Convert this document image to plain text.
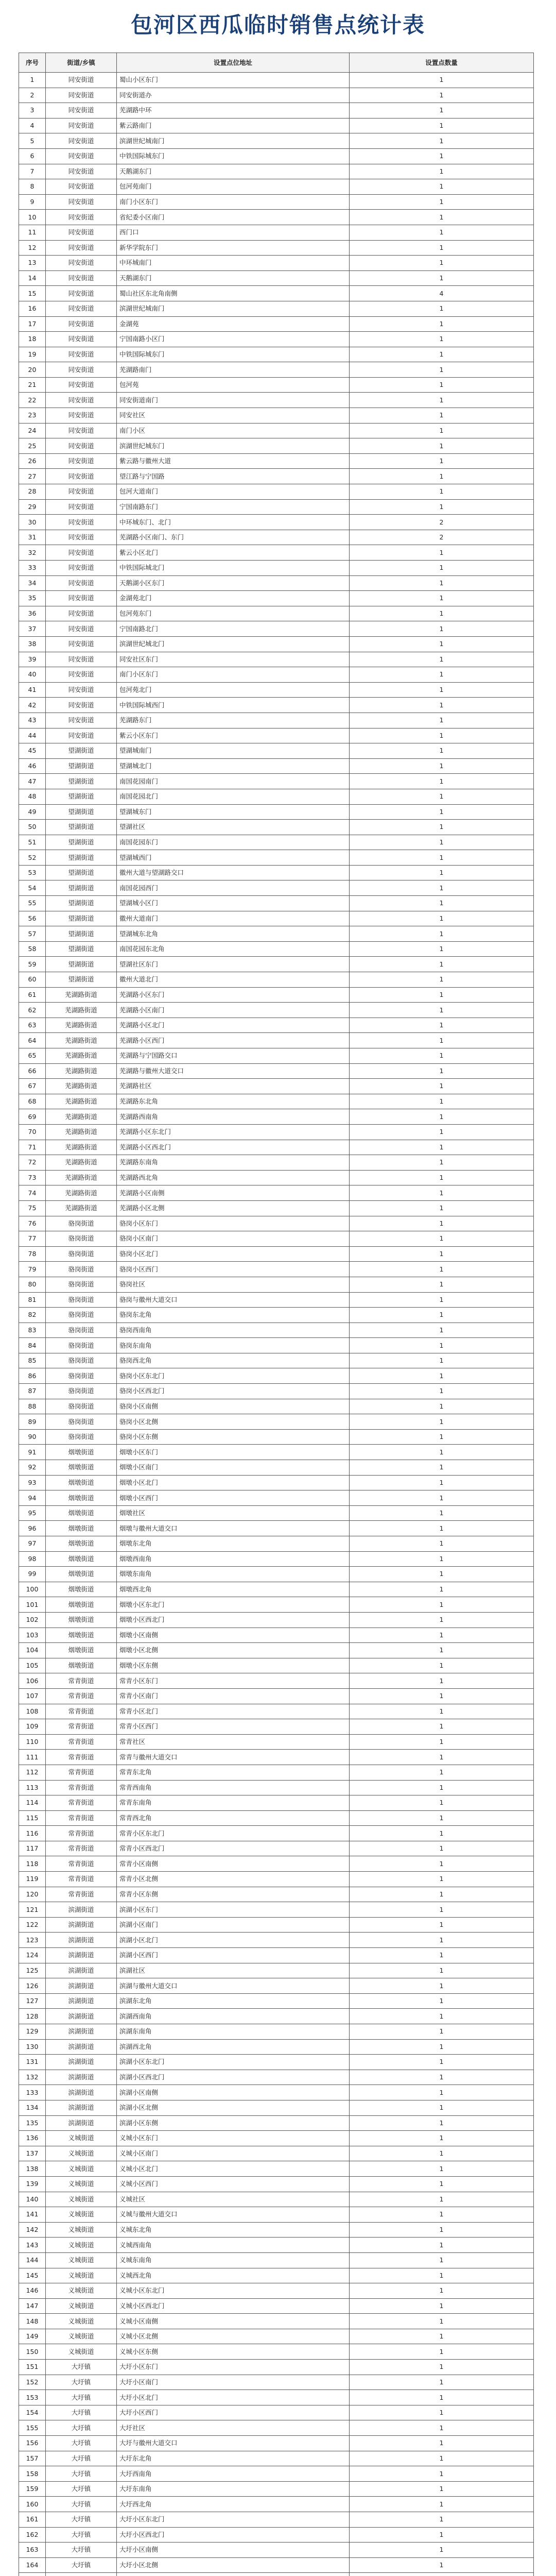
包河区西瓜临时销售点统计表
序号	街道/乡镇	设置点位地址	设置点数量
1	同安街道	蜀山小区东门	1
2	同安街道	同安街道办	1
3	同安街道	芜湖路中环	1
4	同安街道	紫云路南门	1
5	同安街道	滨湖世纪城南门	1
6	同安街道	中铁国际城东门	1
7	同安街道	天鹅湖东门	1
8	同安街道	包河苑南门	1
9	同安街道	南门小区东门	1
10	同安街道	省纪委小区南门	1
11	同安街道	西门口	1
12	同安街道	新华学院东门	1
13	同安街道	中环城南门	1
14	同安街道	天鹅湖东门	1
15	同安街道	蜀山社区东北角南侧	4
16	同安街道	滨湖世纪城南门	1
17	同安街道	金湖苑	1
18	同安街道	宁国南路小区门	1
19	同安街道	中铁国际城东门	1
20	同安街道	芜湖路南门	1
21	同安街道	包河苑	1
22	同安街道	同安街道南门	1
23	同安街道	同安社区	1
24	同安街道	南门小区	1
25	同安街道	滨湖世纪城东门	1
26	同安街道	紫云路与徽州大道	1
27	同安街道	望江路与宁国路	1
28	同安街道	包河大道南门	1
29	同安街道	宁国南路东门	1
30	同安街道	中环城东门、北门	2
31	同安街道	芜湖路小区南门、东门	2
32	同安街道	紫云小区北门	1
33	同安街道	中铁国际城北门	1
34	同安街道	天鹅湖小区东门	1
35	同安街道	金湖苑北门	1
36	同安街道	包河苑东门	1
37	同安街道	宁国南路北门	1
38	同安街道	滨湖世纪城北门	1
39	同安街道	同安社区东门	1
40	同安街道	南门小区东门	1
41	同安街道	包河苑北门	1
42	同安街道	中铁国际城西门	1
43	同安街道	芜湖路东门	1
44	同安街道	紫云小区东门	1
45	望湖街道	望湖城南门	1
46	望湖街道	望湖城北门	1
47	望湖街道	南国花园南门	1
48	望湖街道	南国花园北门	1
49	望湖街道	望湖城东门	1
50	望湖街道	望湖社区	1
51	望湖街道	南国花园东门	1
52	望湖街道	望湖城西门	1
53	望湖街道	徽州大道与望湖路交口	1
54	望湖街道	南国花园西门	1
55	望湖街道	望湖城小区门	1
56	望湖街道	徽州大道南门	1
57	望湖街道	望湖城东北角	1
58	望湖街道	南国花园东北角	1
59	望湖街道	望湖社区东门	1
60	望湖街道	徽州大道北门	1
61	芜湖路街道	芜湖路小区东门	1
62	芜湖路街道	芜湖路小区南门	1
63	芜湖路街道	芜湖路小区北门	1
64	芜湖路街道	芜湖路小区西门	1
65	芜湖路街道	芜湖路与宁国路交口	1
66	芜湖路街道	芜湖路与徽州大道交口	1
67	芜湖路街道	芜湖路社区	1
68	芜湖路街道	芜湖路东北角	1
69	芜湖路街道	芜湖路西南角	1
70	芜湖路街道	芜湖路小区东北门	1
71	芜湖路街道	芜湖路小区西北门	1
72	芜湖路街道	芜湖路东南角	1
73	芜湖路街道	芜湖路西北角	1
74	芜湖路街道	芜湖路小区南侧	1
75	芜湖路街道	芜湖路小区北侧	1
76	骆岗街道	骆岗小区东门	1
77	骆岗街道	骆岗小区南门	1
78	骆岗街道	骆岗小区北门	1
79	骆岗街道	骆岗小区西门	1
80	骆岗街道	骆岗社区	1
81	骆岗街道	骆岗与徽州大道交口	1
82	骆岗街道	骆岗东北角	1
83	骆岗街道	骆岗西南角	1
84	骆岗街道	骆岗东南角	1
85	骆岗街道	骆岗西北角	1
86	骆岗街道	骆岗小区东北门	1
87	骆岗街道	骆岗小区西北门	1
88	骆岗街道	骆岗小区南侧	1
89	骆岗街道	骆岗小区北侧	1
90	骆岗街道	骆岗小区东侧	1
91	烟墩街道	烟墩小区东门	1
92	烟墩街道	烟墩小区南门	1
93	烟墩街道	烟墩小区北门	1
94	烟墩街道	烟墩小区西门	1
95	烟墩街道	烟墩社区	1
96	烟墩街道	烟墩与徽州大道交口	1
97	烟墩街道	烟墩东北角	1
98	烟墩街道	烟墩西南角	1
99	烟墩街道	烟墩东南角	1
100	烟墩街道	烟墩西北角	1
101	烟墩街道	烟墩小区东北门	1
102	烟墩街道	烟墩小区西北门	1
103	烟墩街道	烟墩小区南侧	1
104	烟墩街道	烟墩小区北侧	1
105	烟墩街道	烟墩小区东侧	1
106	常青街道	常青小区东门	1
107	常青街道	常青小区南门	1
108	常青街道	常青小区北门	1
109	常青街道	常青小区西门	1
110	常青街道	常青社区	1
111	常青街道	常青与徽州大道交口	1
112	常青街道	常青东北角	1
113	常青街道	常青西南角	1
114	常青街道	常青东南角	1
115	常青街道	常青西北角	1
116	常青街道	常青小区东北门	1
117	常青街道	常青小区西北门	1
118	常青街道	常青小区南侧	1
119	常青街道	常青小区北侧	1
120	常青街道	常青小区东侧	1
121	滨湖街道	滨湖小区东门	1
122	滨湖街道	滨湖小区南门	1
123	滨湖街道	滨湖小区北门	1
124	滨湖街道	滨湖小区西门	1
125	滨湖街道	滨湖社区	1
126	滨湖街道	滨湖与徽州大道交口	1
127	滨湖街道	滨湖东北角	1
128	滨湖街道	滨湖西南角	1
129	滨湖街道	滨湖东南角	1
130	滨湖街道	滨湖西北角	1
131	滨湖街道	滨湖小区东北门	1
132	滨湖街道	滨湖小区西北门	1
133	滨湖街道	滨湖小区南侧	1
134	滨湖街道	滨湖小区北侧	1
135	滨湖街道	滨湖小区东侧	1
136	义城街道	义城小区东门	1
137	义城街道	义城小区南门	1
138	义城街道	义城小区北门	1
139	义城街道	义城小区西门	1
140	义城街道	义城社区	1
141	义城街道	义城与徽州大道交口	1
142	义城街道	义城东北角	1
143	义城街道	义城西南角	1
144	义城街道	义城东南角	1
145	义城街道	义城西北角	1
146	义城街道	义城小区东北门	1
147	义城街道	义城小区西北门	1
148	义城街道	义城小区南侧	1
149	义城街道	义城小区北侧	1
150	义城街道	义城小区东侧	1
151	大圩镇	大圩小区东门	1
152	大圩镇	大圩小区南门	1
153	大圩镇	大圩小区北门	1
154	大圩镇	大圩小区西门	1
155	大圩镇	大圩社区	1
156	大圩镇	大圩与徽州大道交口	1
157	大圩镇	大圩东北角	1
158	大圩镇	大圩西南角	1
159	大圩镇	大圩东南角	1
160	大圩镇	大圩西北角	1
161	大圩镇	大圩小区东北门	1
162	大圩镇	大圩小区西北门	1
163	大圩镇	大圩小区南侧	1
164	大圩镇	大圩小区北侧	1
